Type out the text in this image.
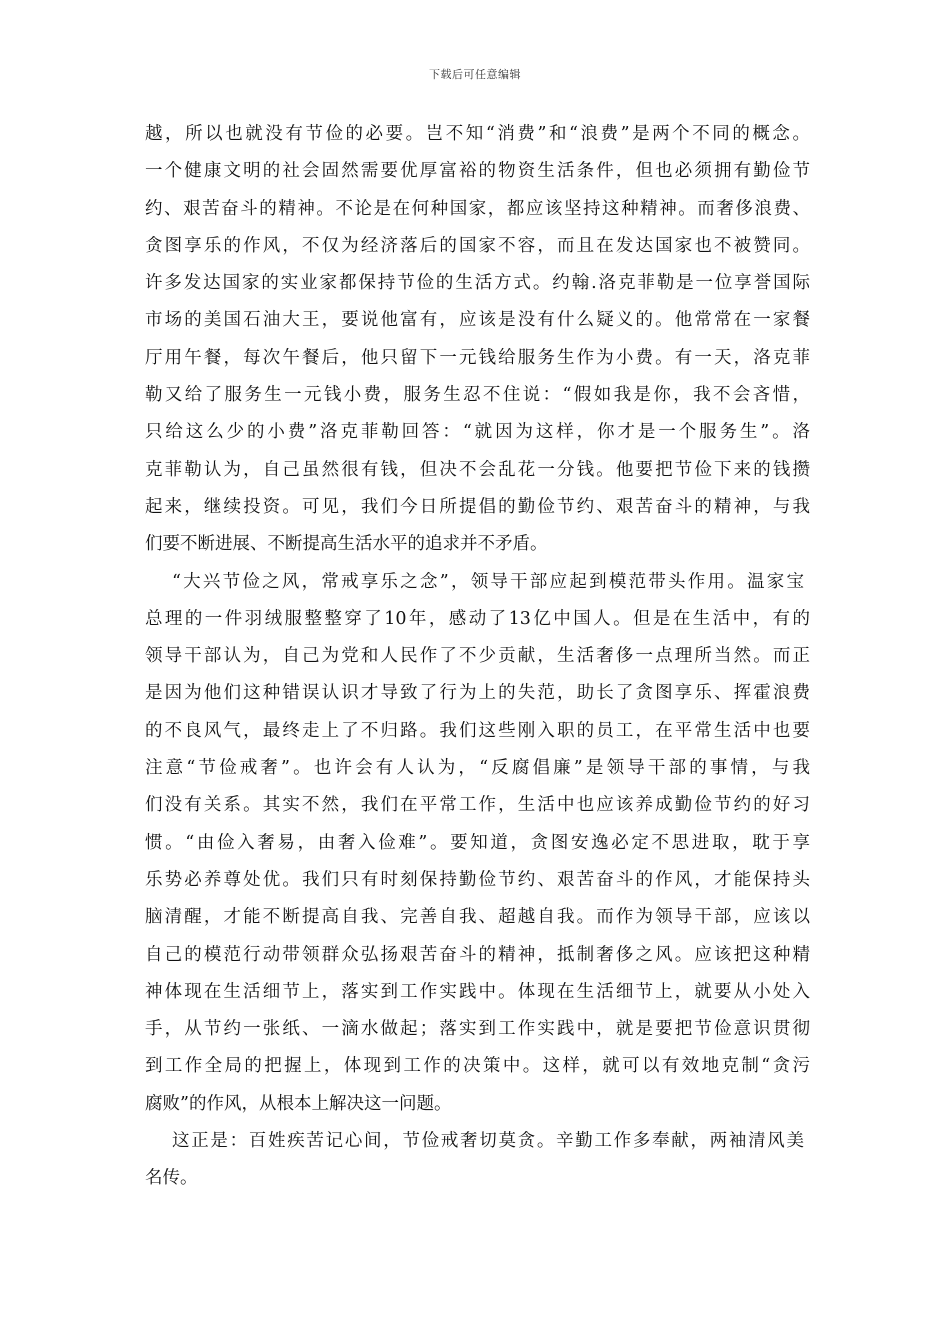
下载后可任意编辑
越，所以也就没有节俭的必要。岂不知“消费”和“浪费”是两个不同的概念。
一个健康文明的社会固然需要优厚富裕的物资生活条件，但也必须拥有勤俭节
约、艰苦奋斗的精神。不论是在何种国家，都应该坚持这种精神。而奢侈浪费、
贪图享乐的作风，不仅为经济落后的国家不容，而且在发达国家也不被赞同。
许多发达国家的实业家都保持节俭的生活方式。约翰.洛克菲勒是一位享誉国际
市场的美国石油大王，要说他富有，应该是没有什么疑义的。他常常在一家餐
厅用午餐，每次午餐后，他只留下一元钱给服务生作为小费。有一天，洛克菲
勒又给了服务生一元钱小费，服务生忍不住说：“假如我是你，我不会吝惜，
只给这么少的小费”洛克菲勒回答：“就因为这样，你才是一个服务生”。洛
克菲勒认为，自己虽然很有钱，但决不会乱花一分钱。他要把节俭下来的钱攒
起来，继续投资。可见，我们今日所提倡的勤俭节约、艰苦奋斗的精神，与我
们要不断进展、不断提高生活水平的追求并不矛盾。
“大兴节俭之风，常戒享乐之念”，领导干部应起到模范带头作用。温家宝
总理的一件羽绒服整整穿了10年，感动了13亿中国人。但是在生活中，有的
领导干部认为，自己为党和人民作了不少贡献，生活奢侈一点理所当然。而正
是因为他们这种错误认识才导致了行为上的失范，助长了贪图享乐、挥霍浪费
的不良风气，最终走上了不归路。我们这些刚入职的员工，在平常生活中也要
注意“节俭戒奢”。也许会有人认为，“反腐倡廉”是领导干部的事情，与我
们没有关系。其实不然，我们在平常工作，生活中也应该养成勤俭节约的好习
惯。“由俭入奢易，由奢入俭难”。要知道，贪图安逸必定不思进取，耽于享
乐势必养尊处优。我们只有时刻保持勤俭节约、艰苦奋斗的作风，才能保持头
脑清醒，才能不断提高自我、完善自我、超越自我。而作为领导干部，应该以
自己的模范行动带领群众弘扬艰苦奋斗的精神，抵制奢侈之风。应该把这种精
神体现在生活细节上，落实到工作实践中。体现在生活细节上，就要从小处入
手，从节约一张纸、一滴水做起；落实到工作实践中，就是要把节俭意识贯彻
到工作全局的把握上，体现到工作的决策中。这样，就可以有效地克制“贪污
腐败”的作风，从根本上解决这一问题。
这正是：百姓疾苦记心间，节俭戒奢切莫贪。辛勤工作多奉献，两袖清风美
名传。
